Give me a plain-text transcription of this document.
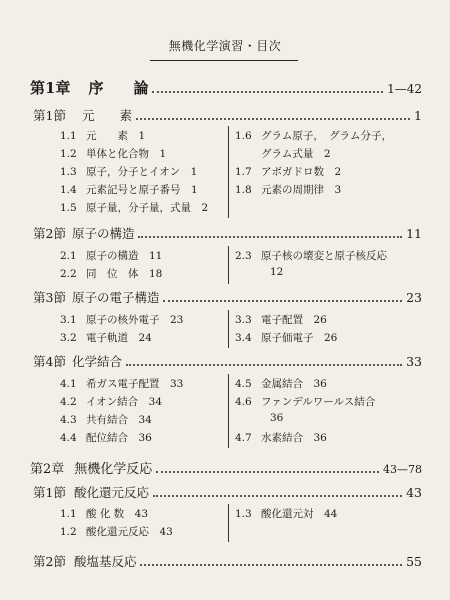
無機化学演習・目次
第1章 序　　論	1—42
第1節 元　　素	1
1.1 元　　素　1
1.2 単体と化合物　1
1.3 原子，分子とイオン　1
1.4 元素記号と原子番号　1
1.5 原子量，分子量，式量　2
1.6 グラム原子，　グラム分子，
グラム式量　2
1.7 アボガドロ数　2
1.8 元素の周期律　3
第2節 原子の構造	11
2.1 原子の構造　11
2.2 同　位　体　18
2.3 原子核の壊変と原子核反応
12
第3節 原子の電子構造	23
3.1 原子の核外電子　23
3.2 電子軌道　24
3.3 電子配置　26
3.4 原子価電子　26
第4節 化学結合	33
4.1 希ガス電子配置　33
4.2 イオン結合　34
4.3 共有結合　34
4.4 配位結合　36
4.5 金属結合　36
4.6 ファンデルワールス結合
36
4.7 水素結合　36
第2章 無機化学反応	43—78
第1節 酸化還元反応	43
1.1 酸 化 数　43
1.2 酸化還元反応　43
1.3 酸化還元対　44
第2節 酸塩基反応	55
